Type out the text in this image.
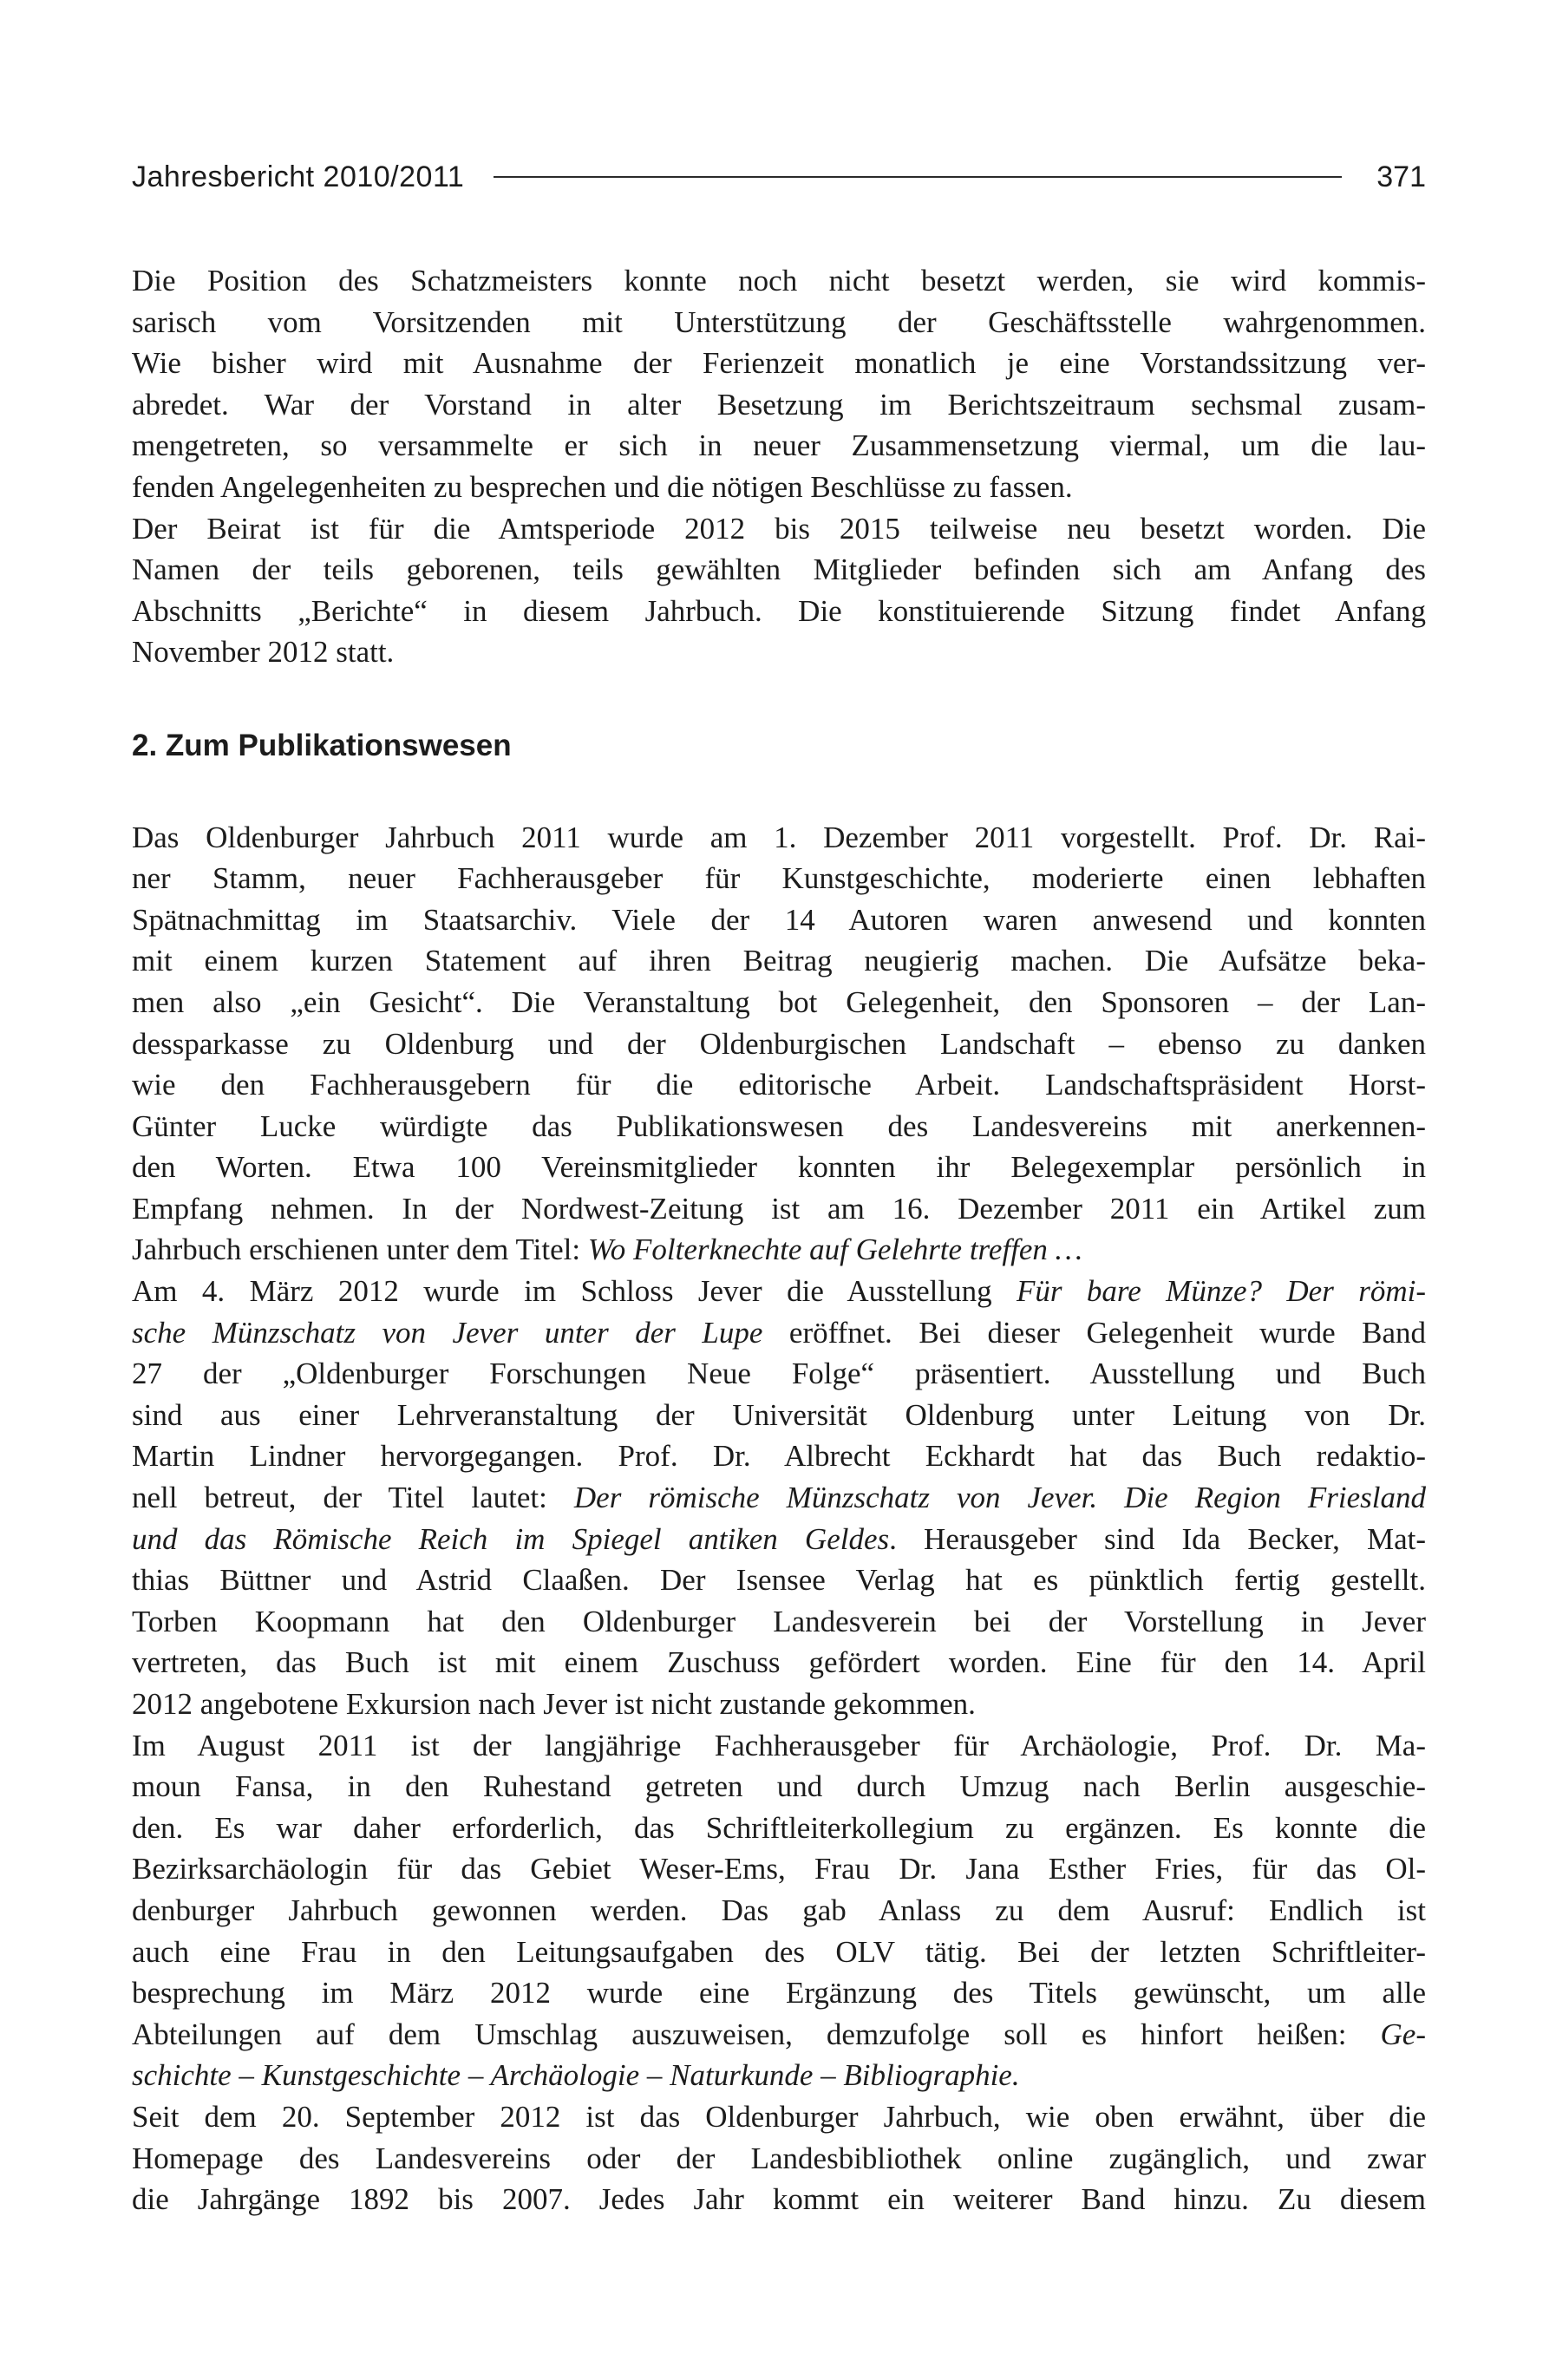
Jahresbericht 2010/2011	371

Die Position des Schatzmeisters konnte noch nicht besetzt werden, sie wird kommis-
sarisch vom Vorsitzenden mit Unterstützung der Geschäftsstelle wahrgenommen.
Wie bisher wird mit Ausnahme der Ferienzeit monatlich je eine Vorstandssitzung ver-
abredet. War der Vorstand in alter Besetzung im Berichtszeitraum sechsmal zusam-
mengetreten, so versammelte er sich in neuer Zusammensetzung viermal, um die lau-
fenden Angelegenheiten zu besprechen und die nötigen Beschlüsse zu fassen.

Der Beirat ist für die Amtsperiode 2012 bis 2015 teilweise neu besetzt worden. Die
Namen der teils geborenen, teils gewählten Mitglieder befinden sich am Anfang des
Abschnitts „Berichte“ in diesem Jahrbuch. Die konstituierende Sitzung findet Anfang
November 2012 statt.

2. Zum Publikationswesen

Das Oldenburger Jahrbuch 2011 wurde am 1. Dezember 2011 vorgestellt. Prof. Dr. Rai-
ner Stamm, neuer Fachherausgeber für Kunstgeschichte, moderierte einen lebhaften
Spätnachmittag im Staatsarchiv. Viele der 14 Autoren waren anwesend und konnten
mit einem kurzen Statement auf ihren Beitrag neugierig machen. Die Aufsätze beka-
men also „ein Gesicht“. Die Veranstaltung bot Gelegenheit, den Sponsoren – der Lan-
dessparkasse zu Oldenburg und der Oldenburgischen Landschaft – ebenso zu danken
wie den Fachherausgebern für die editorische Arbeit. Landschaftspräsident Horst-
Günter Lucke würdigte das Publikationswesen des Landesvereins mit anerkennen-
den Worten. Etwa 100 Vereinsmitglieder konnten ihr Belegexemplar persönlich in
Empfang nehmen. In der Nordwest-Zeitung ist am 16. Dezember 2011 ein Artikel zum
Jahrbuch erschienen unter dem Titel: Wo Folterknechte auf Gelehrte treffen …

Am 4. März 2012 wurde im Schloss Jever die Ausstellung Für bare Münze? Der römi-
sche Münzschatz von Jever unter der Lupe eröffnet. Bei dieser Gelegenheit wurde Band
27 der „Oldenburger Forschungen Neue Folge“ präsentiert. Ausstellung und Buch
sind aus einer Lehrveranstaltung der Universität Oldenburg unter Leitung von Dr.
Martin Lindner hervorgegangen. Prof. Dr. Albrecht Eckhardt hat das Buch redaktio-
nell betreut, der Titel lautet: Der römische Münzschatz von Jever. Die Region Friesland
und das Römische Reich im Spiegel antiken Geldes. Herausgeber sind Ida Becker, Mat-
thias Büttner und Astrid Claaßen. Der Isensee Verlag hat es pünktlich fertig gestellt.
Torben Koopmann hat den Oldenburger Landesverein bei der Vorstellung in Jever
vertreten, das Buch ist mit einem Zuschuss gefördert worden. Eine für den 14. April
2012 angebotene Exkursion nach Jever ist nicht zustande gekommen.

Im August 2011 ist der langjährige Fachherausgeber für Archäologie, Prof. Dr. Ma-
moun Fansa, in den Ruhestand getreten und durch Umzug nach Berlin ausgeschie-
den. Es war daher erforderlich, das Schriftleiterkollegium zu ergänzen. Es konnte die
Bezirksarchäologin für das Gebiet Weser-Ems, Frau Dr. Jana Esther Fries, für das Ol-
denburger Jahrbuch gewonnen werden. Das gab Anlass zu dem Ausruf: Endlich ist
auch eine Frau in den Leitungsaufgaben des OLV tätig. Bei der letzten Schriftleiter-
besprechung im März 2012 wurde eine Ergänzung des Titels gewünscht, um alle
Abteilungen auf dem Umschlag auszuweisen, demzufolge soll es hinfort heißen: Ge-
schichte – Kunstgeschichte – Archäologie – Naturkunde – Bibliographie.

Seit dem 20. September 2012 ist das Oldenburger Jahrbuch, wie oben erwähnt, über die
Homepage des Landesvereins oder der Landesbibliothek online zugänglich, und zwar
die Jahrgänge 1892 bis 2007. Jedes Jahr kommt ein weiterer Band hinzu. Zu diesem
